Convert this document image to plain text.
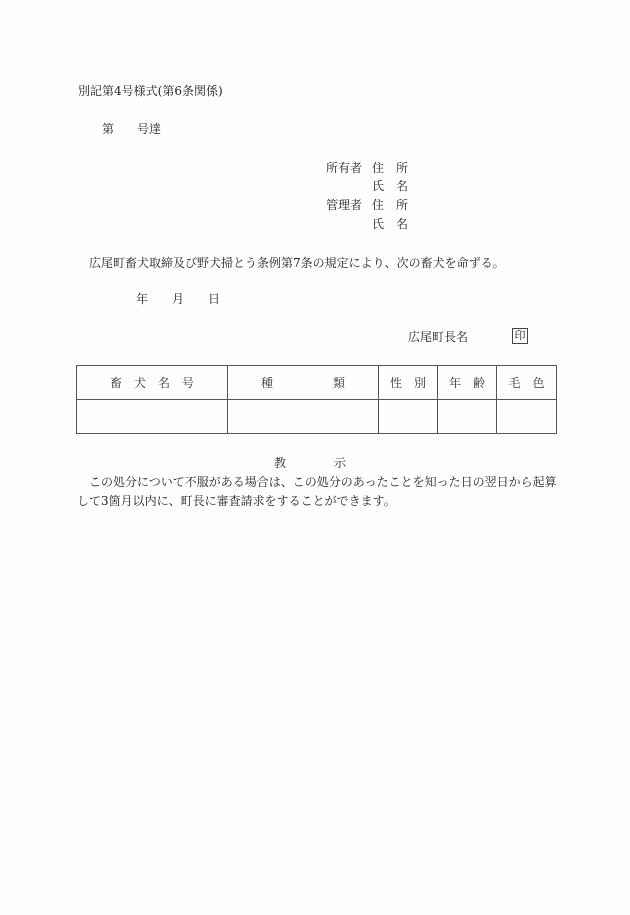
別記第4号様式(第6条関係)
第 号達
所有者 住　所
氏　名
管理者 住　所
氏　名
広尾町畜犬取締及び野犬掃とう条例第7条の規定により、次の畜犬を命ずる。
年 月 日
広尾町長名	印
畜　犬　名　号	種　　　　　類	性　別	年　齢	毛　色

教　　　　示
この処分について不服がある場合は、この処分のあったことを知った日の翌日から起算
して3箇月以内に、町長に審査請求をすることができます。
